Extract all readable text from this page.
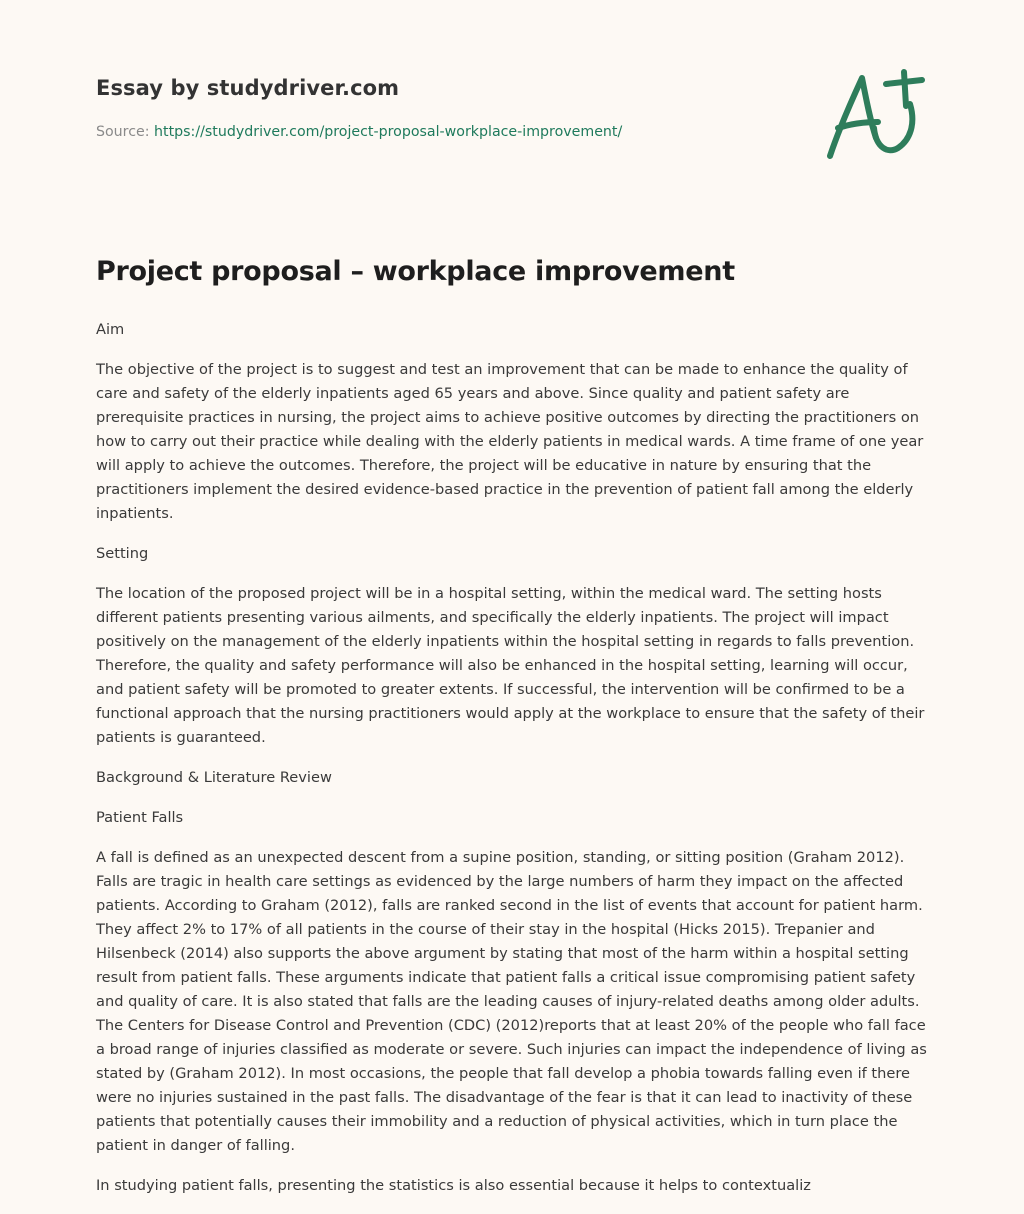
Essay by studydriver.com
Source: https://studydriver.com/project-proposal-workplace-improvement/
Project proposal – workplace improvement

Aim

The objective of the project is to suggest and test an improvement that can be made to enhance the quality of care and safety of the elderly inpatients aged 65 years and above. Since quality and patient safety are prerequisite practices in nursing, the project aims to achieve positive outcomes by directing the practitioners on how to carry out their practice while dealing with the elderly patients in medical wards. A time frame of one year will apply to achieve the outcomes. Therefore, the project will be educative in nature by ensuring that the practitioners implement the desired evidence-based practice in the prevention of patient fall among the elderly inpatients.

Setting

The location of the proposed project will be in a hospital setting, within the medical ward. The setting hosts different patients presenting various ailments, and specifically the elderly inpatients. The project will impact positively on the management of the elderly inpatients within the hospital setting in regards to falls prevention. Therefore, the quality and safety performance will also be enhanced in the hospital setting, learning will occur, and patient safety will be promoted to greater extents. If successful, the intervention will be confirmed to be a functional approach that the nursing practitioners would apply at the workplace to ensure that the safety of their patients is guaranteed.

Background & Literature Review

Patient Falls

A fall is defined as an unexpected descent from a supine position, standing, or sitting position (Graham 2012). Falls are tragic in health care settings as evidenced by the large numbers of harm they impact on the affected patients. According to Graham (2012), falls are ranked second in the list of events that account for patient harm. They affect 2% to 17% of all patients in the course of their stay in the hospital (Hicks 2015). Trepanier and Hilsenbeck (2014) also supports the above argument by stating that most of the harm within a hospital setting result from patient falls. These arguments indicate that patient falls a critical issue compromising patient safety and quality of care. It is also stated that falls are the leading causes of injury-related deaths among older adults. The Centers for Disease Control and Prevention (CDC) (2012)reports that at least 20% of the people who fall face a broad range of injuries classified as moderate or severe. Such injuries can impact the independence of living as stated by (Graham 2012). In most occasions, the people that fall develop a phobia towards falling even if there were no injuries sustained in the past falls. The disadvantage of the fear is that it can lead to inactivity of these patients that potentially causes their immobility and a reduction of physical activities, which in turn place the patient in danger of falling.

In studying patient falls, presenting the statistics is also essential because it helps to contextualiz
